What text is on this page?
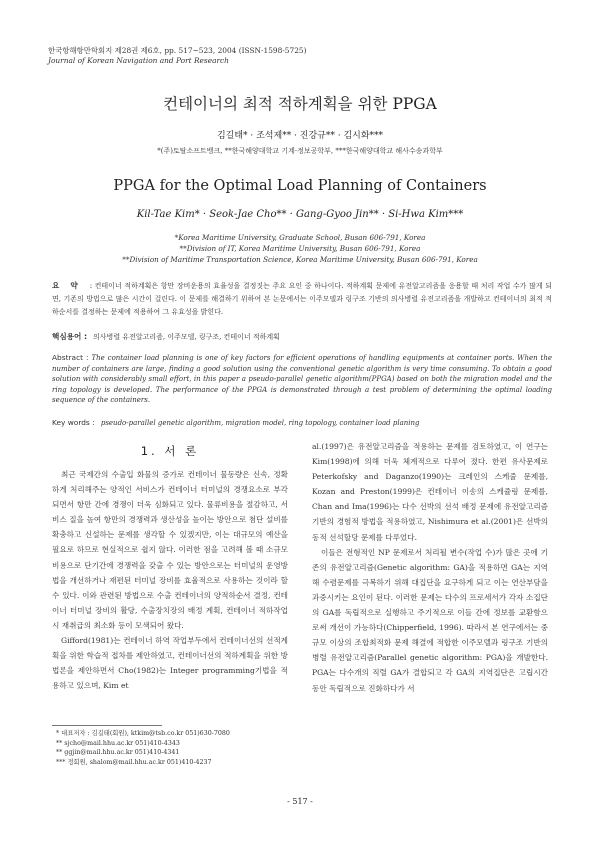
한국항해항만학회지 제28권 제6호, pp. 517~523, 2004 (ISSN-1598-5725)
Journal of Korean Navigation and Port Research
컨테이너의 최적 적하계획을 위한 PPGA
김길태* · 조석제** · 진강규** · 김시화***
*(주)토탈소프트뱅크, **한국해양대학교 기계·정보공학부, ***한국해양대학교 해사수송과학부
PPGA for the Optimal Load Planning of Containers
Kil-Tae Kim* · Seok-Jae Cho** · Gang-Gyoo Jin** · Si-Hwa Kim***
*Korea Maritime University, Graduate School, Busan 606-791, Korea
**Division of IT, Korea Maritime University, Busan 606-791, Korea
**Division of Maritime Transportation Science, Korea Maritime University, Busan 606-791, Korea
요 약 : 컨테이너 적하계획은 항만 장비운용의 효율성을 결정짓는 주요 요인 중 하나이다. 적하계획 문제에 유전알고리즘을 응용할 때 처리 작업 수가 많게 되면, 기존의 방법으로 많은 시간이 걸린다. 이 문제를 해결하기 위하여 본 논문에서는 이주모델과 링구조 기반의 의사병렬 유전고리즘을 개발하고 컨테이너의 최적 적하순서를 결정하는 문제에 적용하여 그 유효성을 밝힌다.
핵심용어 : 의사병렬 유전알고리즘, 이주모델, 링구조, 컨테이너 적하계획
Abstract : The container load planning is one of key factors for efficient operations of handling equipments at container ports. When the number of containers are large, finding a good solution using the conventional genetic algorithm is very time consuming. To obtain a good solution with considerably small effort, in this paper a pseudo-parallel genetic algorithm(PPGA) based on both the migration model and the ring topology is developed. The performance of the PPGA is demonstrated through a test problem of determining the optimal loading sequence of the containers.
Key words : pseudo-parallel genetic algorithm, migration model, ring topology, container load planing
1. 서 론

최근 국제간의 수출입 화물의 증가로 컨테이너 물동량은 신속, 정확하게 처리해주는 양적인 서비스가 컨테이너 터미널의 경쟁요소로 부각되면서 항만 간에 경쟁이 더욱 심화되고 있다. 물류비용을 절감하고, 서비스 질을 높여 항만의 경쟁력과 생산성을 높이는 방안으로 첨단 설비를 확충하고 신설하는 문제를 생각할 수 있겠지만, 이는 대규모의 예산을 필요로 하므로 현실적으로 쉽지 않다. 이러한 점을 고려해 볼 때 소규모 비용으로 단기간에 경쟁력을 갖출 수 있는 방안으로는 터미널의 운영방법을 개선하거나 재편된 터미널 장비를 효율적으로 사용하는 것이라 할 수 있다. 이와 관련된 방법으로 수출 컨테이너의 양적하순서 결정, 컨테이너 터미널 장비의 활당, 수출장치장의 배정 계획, 컨테이너 적하작업 시 재취급의 최소화 등이 모색되어 왔다.

Gifford(1981)는 컨테이너 하역 작업부두에서 컨테이너선의 선적계획을 위한 학습적 접차를 제안하였고, 컨테이너선의 적하계획을 위한 방법론을 제안하면서 Cho(1982)는 Integer programming기법을 적용하고 있으며, Kim et

al.(1997)은 유전알고리즘을 적용하는 문제를 검토하였고, 이 연구는 Kim(1998)에 의해 더욱 체계적으로 다루어 졌다. 한편 유사문제로 Peterkofsky and Daganzo(1990)는 크레인의 스케줄 문제를, Kozan and Preston(1999)은 컨테이너 이송의 스케쥴링 문제를, Chan and Ima(1996)는 다수 선박의 선석 배정 문제에 유전알고리즘 기반의 경험적 방법을 적용하였고, Nishimura et al.(2001)은 선박의 동적 선석할당 문제를 다루었다.

이들은 전형적인 NP 문제로서 처리될 변수(작업 수)가 많은 곳에 기존의 유전알고리즘(Genetic algorithm: GA)을 적용하면 GA는 지역해 수렴문제를 극복하기 위해 대집단을 요구하게 되고 이는 연산부담을 과중시키는 요인이 된다. 이러한 문제는 다수의 프로세서가 각자 소집단의 GA를 독립적으로 실행하고 주기적으로 이들 간에 정보를 교환함으로써 개선이 가능하다(Chipperfield, 1996). 따라서 본 연구에서는 중규모 이상의 조합최적화 문제 해결에 적합한 이주모델과 링구조 기반의 병렬 유전알고리즘(Parallel genetic algorithm: PGA)을 개발한다. PGA는 다수개의 직렬 GA가 결합되고 각 GA의 지역집단은 고립시간 동안 독립적으로 진화하다가 서

* 대표저자 : 김길태(회원), ktkim@tsb.co.kr 051)630-7080
** sjcho@mail.hhu.ac.kr 051)410-4343
** ggjin@mail.hhu.ac.kr 051)410-4341
*** 정회원, shalom@mail.hhu.ac.kr 051)410-4237
- 517 -
